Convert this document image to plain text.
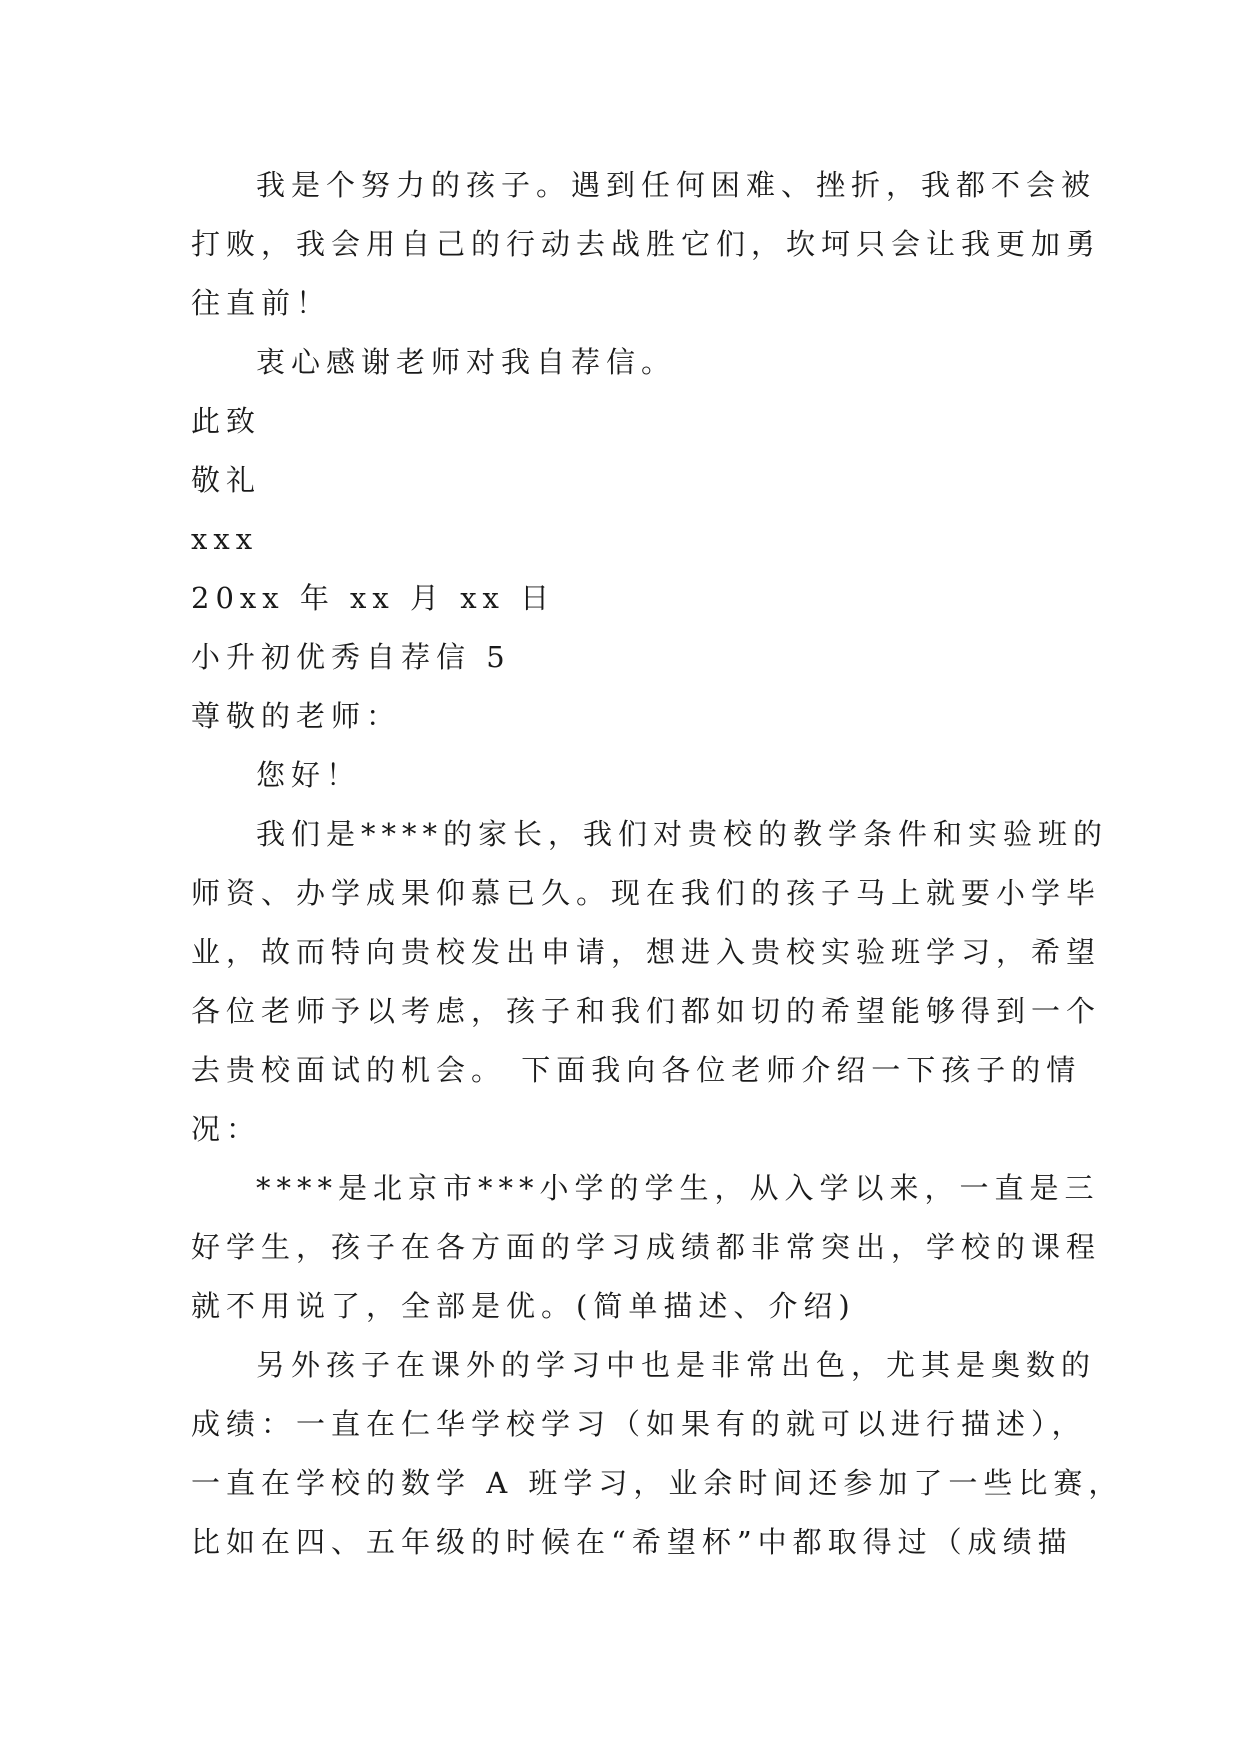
我是个努力的孩子。遇到任何困难、挫折，我都不会被
打败，我会用自己的行动去战胜它们，坎坷只会让我更加勇
往直前！
衷心感谢老师对我自荐信。
此致
敬礼
xxx
20xx 年 xx 月 xx 日
小升初优秀自荐信 5
尊敬的老师：
您好！
我们是****的家长，我们对贵校的教学条件和实验班的
师资、办学成果仰慕已久。现在我们的孩子马上就要小学毕
业，故而特向贵校发出申请，想进入贵校实验班学习，希望
各位老师予以考虑，孩子和我们都如切的希望能够得到一个
去贵校面试的机会。 下面我向各位老师介绍一下孩子的情
况：
****是北京市***小学的学生，从入学以来，一直是三
好学生，孩子在各方面的学习成绩都非常突出，学校的课程
就不用说了，全部是优。(简单描述、介绍)
另外孩子在课外的学习中也是非常出色，尤其是奥数的
成绩：一直在仁华学校学习（如果有的就可以进行描述），
一直在学校的数学 A 班学习，业余时间还参加了一些比赛，
比如在四、五年级的时候在“希望杯”中都取得过（成绩描
